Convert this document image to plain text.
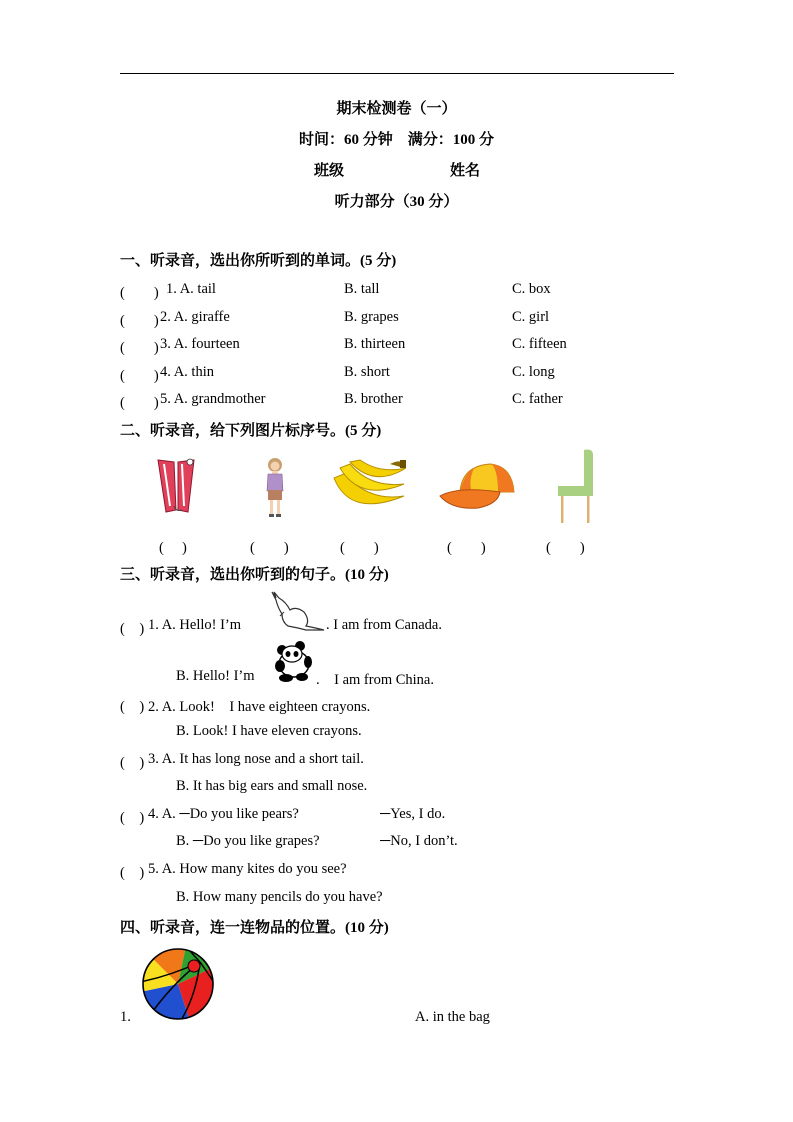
期末检测卷（一）
时间：60 分钟　满分：100 分
班级	姓名
听力部分（30 分）
一、听录音，选出你所听到的单词。(5 分)
(　　) 1. A. tail	B. tall	C. box
(　　) 2. A. giraffe	B. grapes	C. girl
(　　) 3. A. fourteen	B. thirteen	C. fifteen
(　　) 4. A. thin	B. short	C. long
(　　) 5. A. grandmother	B. brother	C. father
二、听录音，给下列图片标序号。(5 分)
(　 )	(　　)	(　　)	(　　)	(　　)
三、听录音，选出你听到的句子。(10 分)
(　) 1. A. Hello! I’m	. I am from Canada.
B. Hello! I’m	.　I am from China.
(　) 2. A. Look!　I have eighteen crayons.
B. Look! I have eleven crayons.
(　) 3. A. It has long nose and a short tail.
B. It has big ears and small nose.
(　) 4. A. ─Do you like pears?	─Yes, I do.
B. ─Do you like grapes?	─No, I don’t.
(　) 5. A. How many kites do you see?
B. How many pencils do you have?
四、听录音，连一连物品的位置。(10 分)
1.	A. in the bag
